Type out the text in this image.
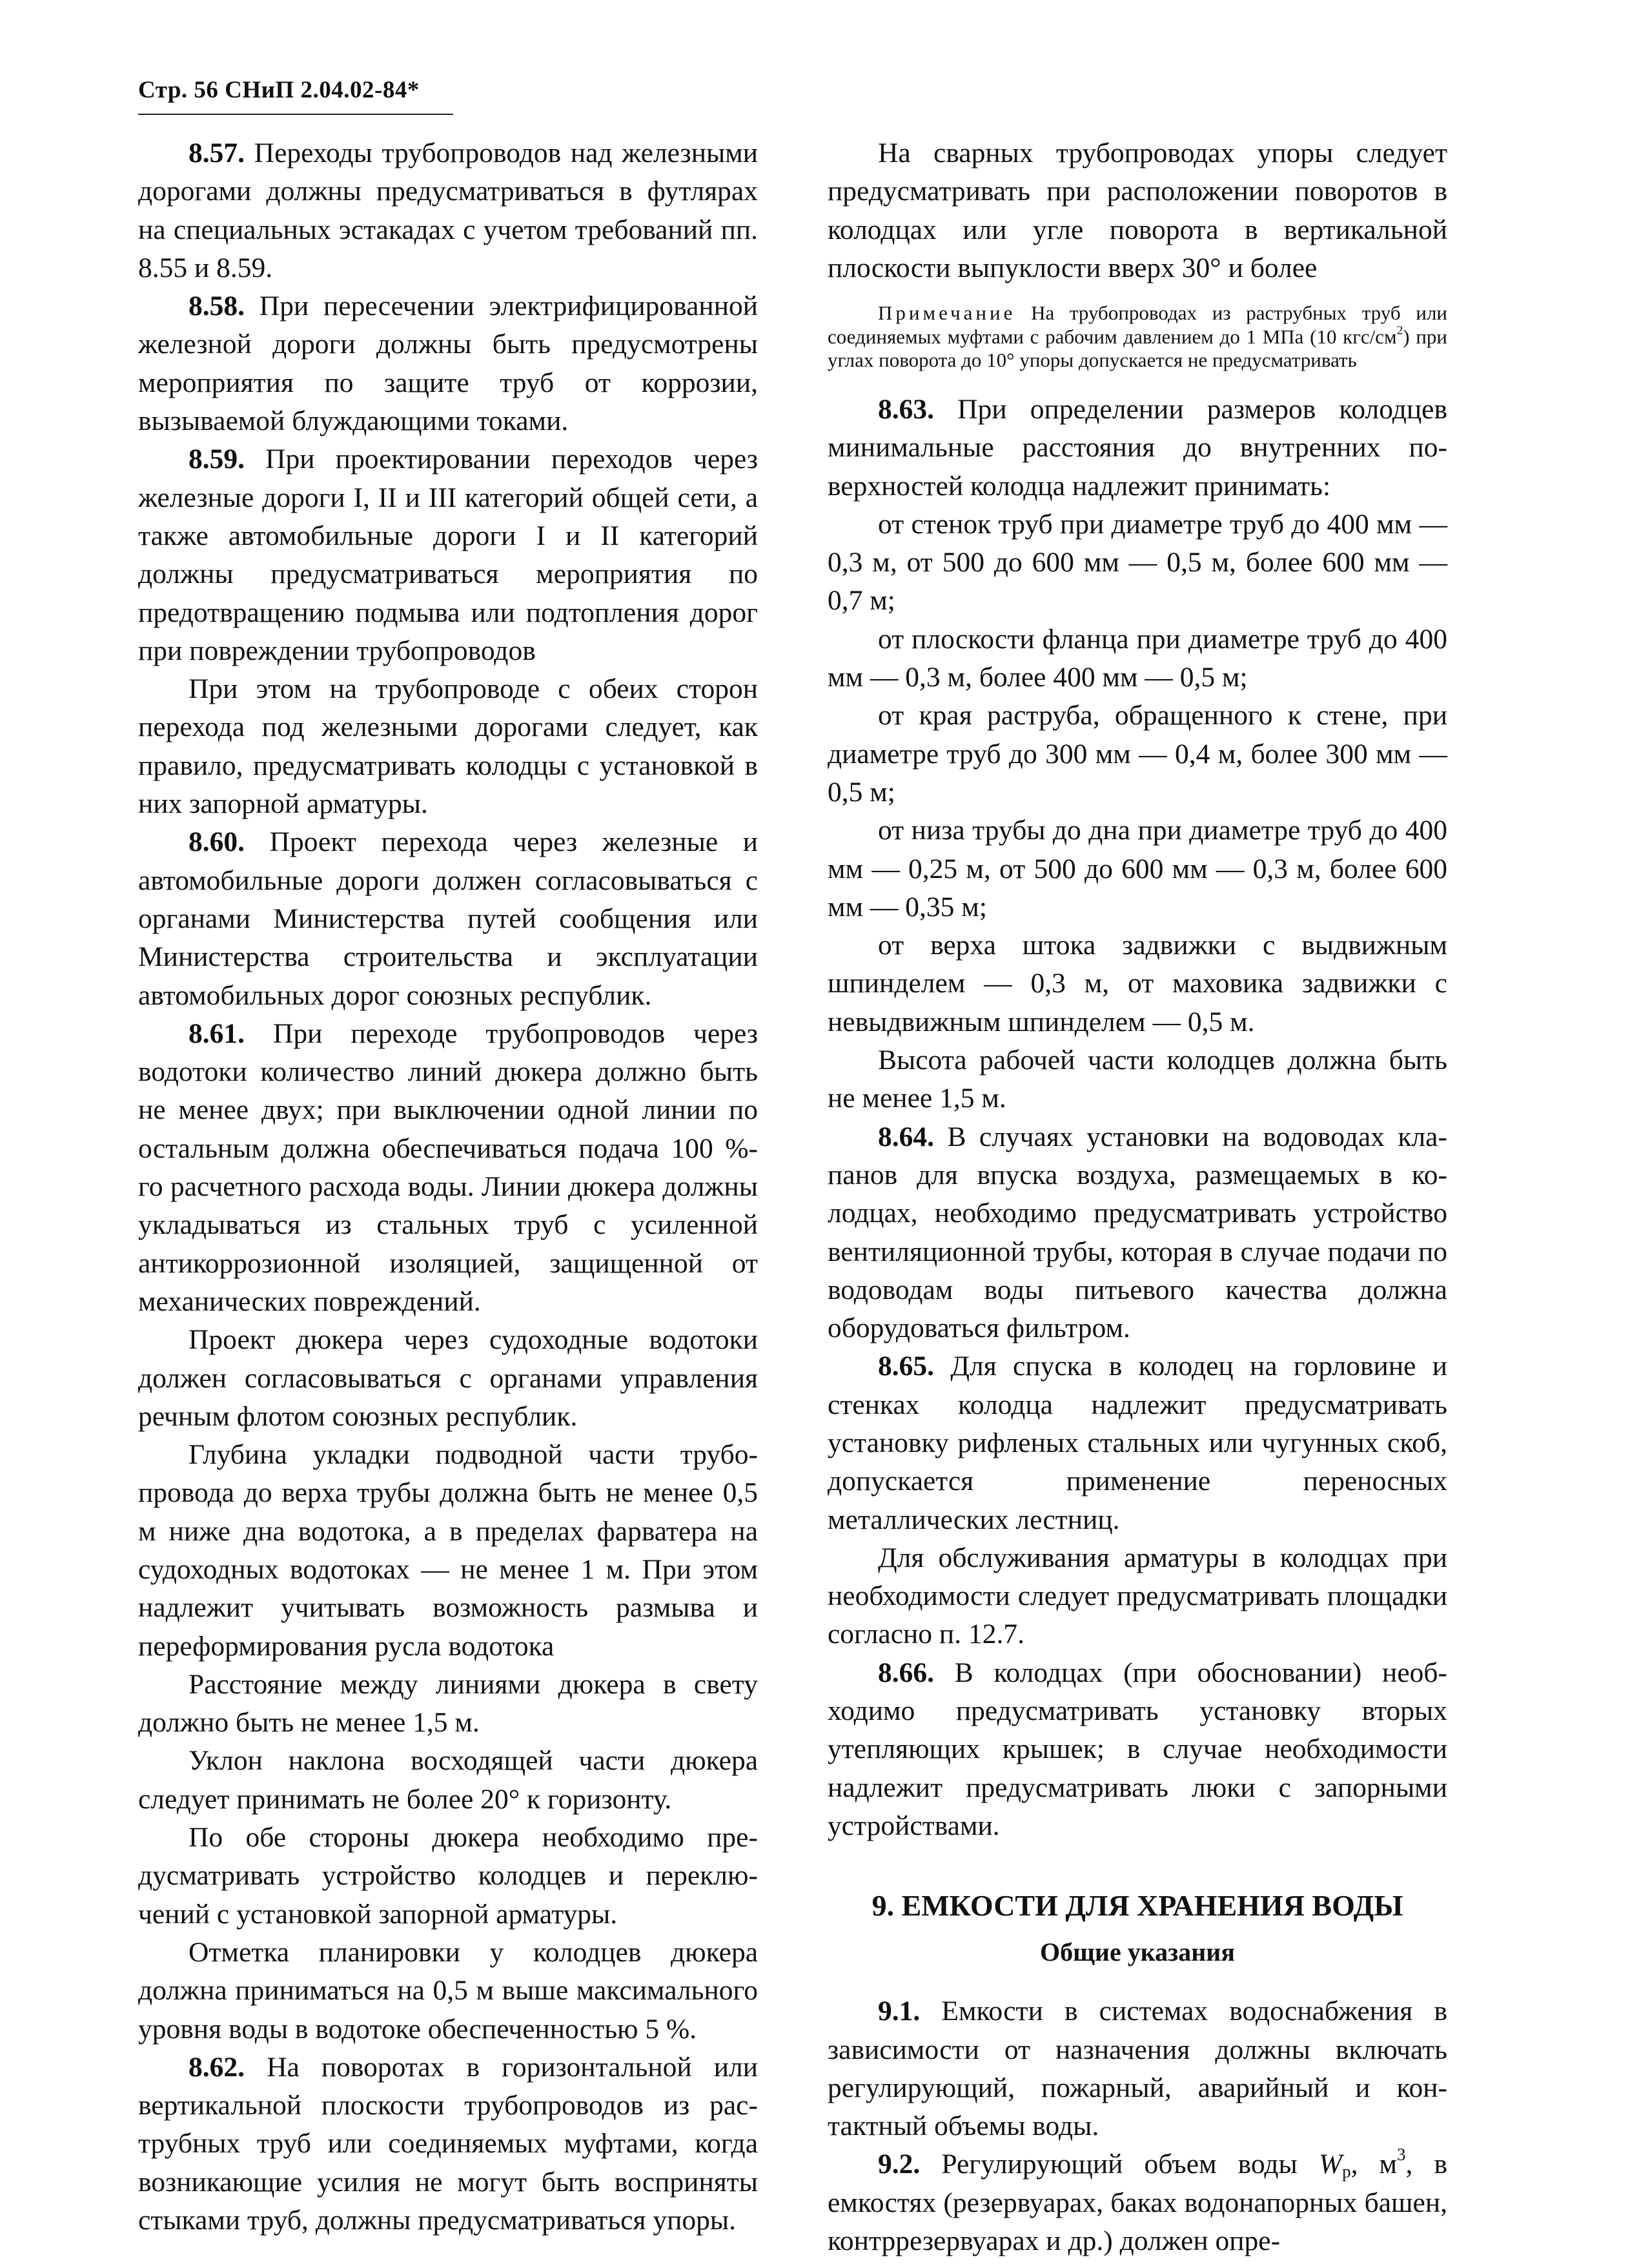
Стр. 56 СНиП 2.04.02-84*

8.57. Переходы трубопроводов над железными дорогами должны предусматриваться в футлярах на специальных эстакадах с учетом требований пп. 8.55 и 8.59.

8.58. При пересечении электрифицированной железной дороги должны быть предусмотрены мероприятия по защите труб от коррозии, вызываемой блуждающими токами.

8.59. При проектировании переходов через железные дороги I, II и III категорий общей сети, а также автомобильные дороги I и II категорий должны предусматриваться мероприятия по предотвращению подмыва или подтопления дорог при повреждении трубопроводов

При этом на трубопроводе с обеих сторон перехода под железными дорогами следует, как правило, предусматривать колодцы с установкой в них запорной арматуры.

8.60. Проект перехода через железные и автомобильные дороги должен согласовываться с органами Министерства путей сообщения или Министерства строительства и эксплуатации автомобильных дорог союзных республик.

8.61. При переходе трубопроводов через водотоки количество линий дюкера должно быть не менее двух; при выключении одной линии по остальным должна обеспечиваться подача 100 %-го расчетного расхода воды. Линии дюкера должны укладываться из стальных труб с усиленной антикоррозионной изоляцией, защищенной от механических повреждений.

Проект дюкера через судоходные водотоки должен согласовываться с органами управления речным флотом союзных республик.

Глубина укладки подводной части трубопровода до верха трубы должна быть не менее 0,5 м ниже дна водотока, а в пределах фарватера на судоходных водотоках — не менее 1 м. При этом надлежит учитывать возможность размыва и переформирования русла водотока

Расстояние между линиями дюкера в свету должно быть не менее 1,5 м.

Уклон наклона восходящей части дюкера следует принимать не более 20° к горизонту.

По обе стороны дюкера необходимо предусматривать устройство колодцев и переключений с установкой запорной арматуры.

Отметка планировки у колодцев дюкера должна приниматься на 0,5 м выше максимального уровня воды в водотоке обеспеченностью 5 %.

8.62. На поворотах в горизонтальной или вертикальной плоскости трубопроводов из раструбных труб или соединяемых муфтами, когда возникающие усилия не могут быть восприняты стыками труб, должны предусматриваться упоры.

На сварных трубопроводах упоры следует предусматривать при расположении поворотов в колодцах или угле поворота в вертикальной плоскости выпуклости вверх 30° и более

Примечание На трубопроводах из раструбных труб или соединяемых муфтами с рабочим давлением до 1 МПа (10 кгс/$см^2$) при углах поворота до 10° упоры допускается не предусматривать

8.63. При определении размеров колодцев минимальные расстояния до внутренних поверхностей колодца надлежит принимать:

от стенок труб при диаметре труб до 400 мм — 0,3 м, от 500 до 600 мм — 0,5 м, более 600 мм — 0,7 м;

от плоскости фланца при диаметре труб до 400 мм — 0,3 м, более 400 мм — 0,5 м;

от края раструба, обращенного к стене, при диаметре труб до 300 мм — 0,4 м, более 300 мм — 0,5 м;

от низа трубы до дна при диаметре труб до 400 мм — 0,25 м, от 500 до 600 мм — 0,3 м, более 600 мм — 0,35 м;

от верха штока задвижки с выдвижным шпинделем — 0,3 м, от маховика задвижки с невыдвижным шпинделем — 0,5 м.

Высота рабочей части колодцев должна быть не менее 1,5 м.

8.64. В случаях установки на водоводах клапанов для впуска воздуха, размещаемых в колодцах, необходимо предусматривать устройство вентиляционной трубы, которая в случае подачи по водоводам воды питьевого качества должна оборудоваться фильтром.

8.65. Для спуска в колодец на горловине и стенках колодца надлежит предусматривать установку рифленых стальных или чугунных скоб, допускается применение переносных металлических лестниц.

Для обслуживания арматуры в колодцах при необходимости следует предусматривать площадки согласно п. 12.7.

8.66. В колодцах (при обосновании) необходимо предусматривать установку вторых утепляющих крышек; в случае необходимости надлежит предусматривать люки с запорными устройствами.

9. ЕМКОСТИ ДЛЯ ХРАНЕНИЯ ВОДЫ

Общие указания

9.1. Емкости в системах водоснабжения в зависимости от назначения должны включать регулирующий, пожарный, аварийный и контактный объемы воды.

9.2. Регулирующий объем воды $W_р$, $м^3$, в емкостях (резервуарах, баках водонапорных башен, контррезервуарах и др.) должен опре-
